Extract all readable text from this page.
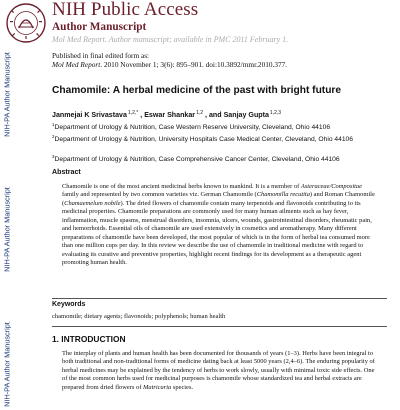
NIH Public Access
Author Manuscript
Mol Med Report. Author manuscript; available in PMC 2011 February 1.
NIH-PA Author Manuscript
NIH-PA Author Manuscript
NIH-PA Author Manuscript
Published in final edited form as:
Mol Med Report. 2010 November 1; 3(6): 895–901. doi:10.3892/mmr.2010.377.
Chamomile: A herbal medicine of the past with bright future
Janmejai K Srivastava$^{1,2,*}$ , Eswar Shankar$^{1,2}$ , and Sanjay Gupta$^{1,2,3}$
$^1$Department of Urology & Nutrition, Case Western Reserve University, Cleveland, Ohio 44106
$^2$Department of Urology & Nutrition, University Hospitals Case Medical Center, Cleveland, Ohio 44106
$^3$Department of Urology & Nutrition, Case Comprehensive Cancer Center, Cleveland, Ohio 44106
Abstract
Chamomile is one of the most ancient medicinal herbs known to mankind. It is a member of Asteraceae/Compositae family and represented by two common varieties viz. German Chamomile (Chamomilla recutita) and Roman Chamomile (Chamaemelum nobile). The dried flowers of chamomile contain many terpenoids and flavonoids contributing to its medicinal properties. Chamomile preparations are commonly used for many human ailments such as hay fever, inflammation, muscle spasms, menstrual disorders, insomnia, ulcers, wounds, gastrointestinal disorders, rheumatic pain, and hemorrhoids. Essential oils of chamomile are used extensively in cosmetics and aromatherapy. Many different preparations of chamomile have been developed, the most popular of which is in the form of herbal tea consumed more than one million cups per day. In this review we describe the use of chamomile in traditional medicine with regard to evaluating its curative and preventive properties, highlight recent findings for its development as a therapeutic agent promoting human health.
Keywords
chamomile; dietary agents; flavonoids; polyphenols; human health
1. INTRODUCTION
The interplay of plants and human health has been documented for thousands of years (1–3). Herbs have been integral to both traditional and non-traditional forms of medicine dating back at least 5000 years (2,4–6). The enduring popularity of herbal medicines may be explained by the tendency of herbs to work slowly, usually with minimal toxic side effects. One of the most common herbs used for medicinal purposes is chamomile whose standardized tea and herbal extracts are prepared from dried flowers of Matricaria species.
